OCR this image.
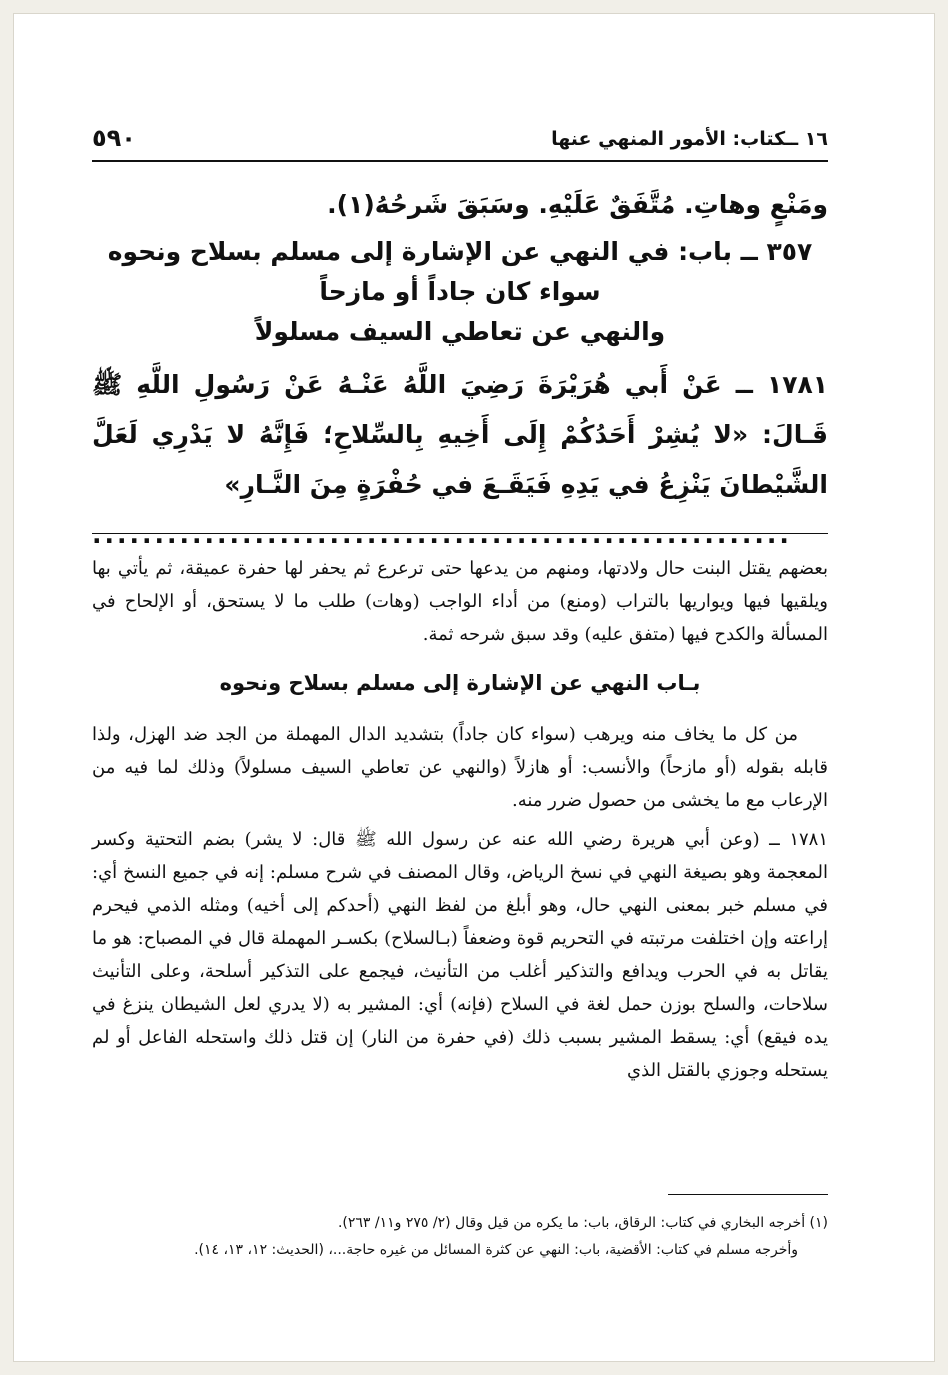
١٦ ــكتاب: الأمور المنهي عنها
٥٩٠

ومَنْعٍ وهاتِ. مُتَّفَقٌ عَلَيْهِ. وسَبَقَ شَرحُهُ(١).

٣٥٧ ــ باب: في النهي عن الإشارة إلى مسلم بسلاح ونحوه سواء كان جاداً أو مازحاً

والنهي عن تعاطي السيف مسلولاً

١٧٨١ ــ عَنْ أَبي هُرَيْرَةَ رَضِيَ اللَّهُ عَنْـهُ عَنْ رَسُولِ اللَّهِ ﷺ قَـالَ: «لا يُشِرْ أَحَدُكُمْ إِلَى أَخِيهِ بِالسِّلاحِ؛ فَإِنَّهُ لا يَدْرِي لَعَلَّ الشَّيْطانَ يَنْزِعُ في يَدِهِ فَيَقَـعَ في حُفْرَةٍ مِنَ النَّـارِ»
........................................................

بعضهم يقتل البنت حال ولادتها، ومنهم من يدعها حتى ترعرع ثم يحفر لها حفرة عميقة، ثم يأتي بها ويلقيها فيها ويواريها بالتراب (ومنع) من أداء الواجب (وهات) طلب ما لا يستحق، أو الإلحاح في المسألة والكدح فيها (متفق عليه) وقد سبق شرحه ثمة.

بـاب النهي عن الإشارة إلى مسلم بسلاح ونحوه

من كل ما يخاف منه ويرهب (سواء كان جاداً) بتشديد الدال المهملة من الجد ضد الهزل، ولذا قابله بقوله (أو مازحاً) والأنسب: أو هازلاً (والنهي عن تعاطي السيف مسلولاً) وذلك لما فيه من الإرعاب مع ما يخشى من حصول ضرر منه.

١٧٨١ ــ (وعن أبي هريرة رضي الله عنه عن رسول الله ﷺ قال: لا يشر) بضم التحتية وكسر المعجمة وهو بصيغة النهي في نسخ الرياض، وقال المصنف في شرح مسلم: إنه في جميع النسخ أي: في مسلم خبر بمعنى النهي حال، وهو أبلغ من لفظ النهي (أحدكم إلى أخيه) ومثله الذمي فيحرم إراعته وإن اختلفت مرتبته في التحريم قوة وضعفاً (بـالسلاح) بكسـر المهملة قال في المصباح: هو ما يقاتل به في الحرب ويدافع والتذكير أغلب من التأنيث، فيجمع على التذكير أسلحة، وعلى التأنيث سلاحات، والسلح بوزن حمل لغة في السلاح (فإنه) أي: المشير به (لا يدري لعل الشيطان ينزغ في يده فيقع) أي: يسقط المشير بسبب ذلك (في حفرة من النار) إن قتل ذلك واستحله الفاعل أو لم يستحله وجوزي بالقتل الذي

(١) أخرجه البخاري في كتاب: الرقاق، باب: ما يكره من قيل وقال (٢/ ٢٧٥ و١١/ ٢٦٣).

وأخرجه مسلم في كتاب: الأقضية، باب: النهي عن كثرة المسائل من غيره حاجة...، (الحديث: ١٢، ١٣، ١٤).
